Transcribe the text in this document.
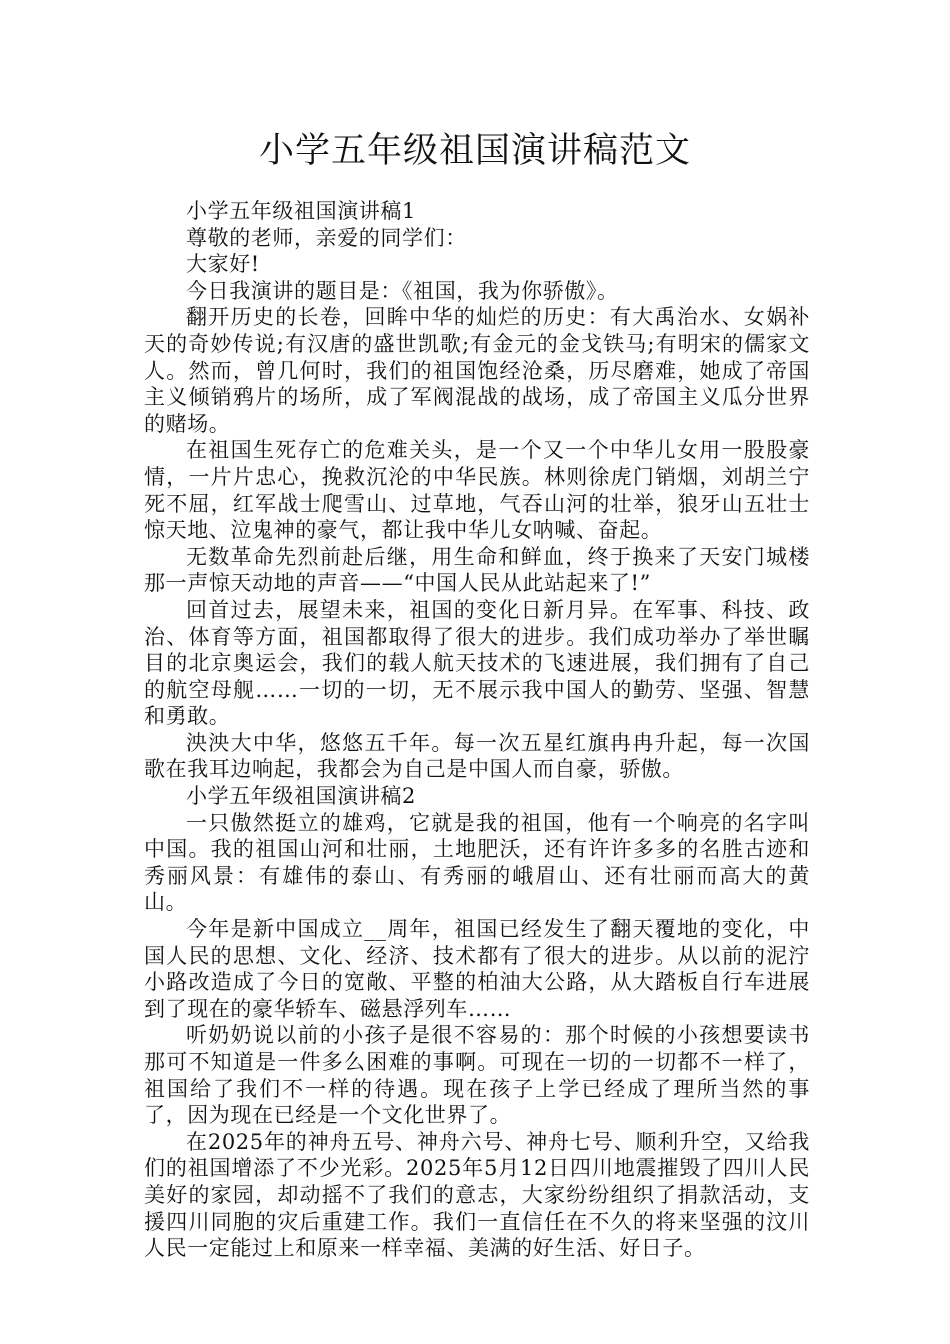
小学五年级祖国演讲稿范文

小学五年级祖国演讲稿1

尊敬的老师，亲爱的同学们：

大家好!

今日我演讲的题目是：《祖国，我为你骄傲》。

翻开历史的长卷，回眸中华的灿烂的历史：有大禹治水、女娲补天的奇妙传说;有汉唐的盛世凯歌;有金元的金戈铁马;有明宋的儒家文人。然而，曾几何时，我们的祖国饱经沧桑，历尽磨难，她成了帝国主义倾销鸦片的场所，成了军阀混战的战场，成了帝国主义瓜分世界的赌场。

在祖国生死存亡的危难关头，是一个又一个中华儿女用一股股豪情，一片片忠心，挽救沉沦的中华民族。林则徐虎门销烟，刘胡兰宁死不屈，红军战士爬雪山、过草地，气吞山河的壮举，狼牙山五壮士惊天地、泣鬼神的豪气，都让我中华儿女呐喊、奋起。

无数革命先烈前赴后继，用生命和鲜血，终于换来了天安门城楼那一声惊天动地的声音——“中国人民从此站起来了!”

回首过去，展望未来，祖国的变化日新月异。在军事、科技、政治、体育等方面，祖国都取得了很大的进步。我们成功举办了举世瞩目的北京奥运会，我们的载人航天技术的飞速进展，我们拥有了自己的航空母舰……一切的一切，无不展示我中国人的勤劳、坚强、智慧和勇敢。

泱泱大中华，悠悠五千年。每一次五星红旗冉冉升起，每一次国歌在我耳边响起，我都会为自己是中国人而自豪，骄傲。

小学五年级祖国演讲稿2

一只傲然挺立的雄鸡，它就是我的祖国，他有一个响亮的名字叫中国。我的祖国山河和壮丽，土地肥沃，还有许许多多的名胜古迹和秀丽风景：有雄伟的泰山、有秀丽的峨眉山、还有壮丽而高大的黄山。

今年是新中国成立__周年，祖国已经发生了翻天覆地的变化，中国人民的思想、文化、经济、技术都有了很大的进步。从以前的泥泞小路改造成了今日的宽敞、平整的柏油大公路，从大踏板自行车进展到了现在的豪华轿车、磁悬浮列车……

听奶奶说以前的小孩子是很不容易的：那个时候的小孩想要读书那可不知道是一件多么困难的事啊。可现在一切的一切都不一样了，祖国给了我们不一样的待遇。现在孩子上学已经成了理所当然的事了，因为现在已经是一个文化世界了。

在2025年的神舟五号、神舟六号、神舟七号、顺利升空，又给我们的祖国增添了不少光彩。2025年5月12日四川地震摧毁了四川人民美好的家园，却动摇不了我们的意志，大家纷纷组织了捐款活动，支援四川同胞的灾后重建工作。我们一直信任在不久的将来坚强的汶川人民一定能过上和原来一样幸福、美满的好生活、好日子。
